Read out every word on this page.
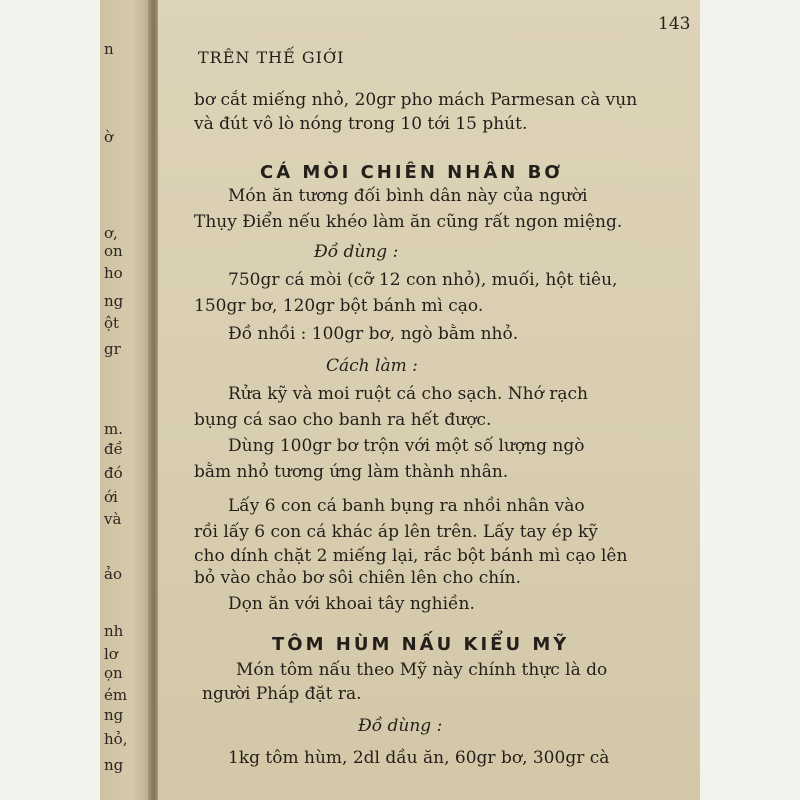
n
ờ
ơ,
on
ho
ng
ột
gr
m.
đề
đó
ới
và
ảo
nh
lơ
ọn
ém
ng
hỏ,
ng
143
TRÊN THẾ GIỚI
bơ cắt miếng nhỏ, 20gr pho mách Parmesan cà vụn
và đút vô lò nóng trong 10 tới 15 phút.
CÁ MÒI CHIÊN NHÂN BƠ
Món ăn tương đối bình dân này của người
Thụy Điển nếu khéo làm ăn cũng rất ngon miệng.
Đồ dùng :
750gr cá mòi (cỡ 12 con nhỏ), muối, hột tiêu,
150gr bơ, 120gr bột bánh mì cạo.
Đồ nhồi : 100gr bơ, ngò bằm nhỏ.
Cách làm :
Rửa kỹ và moi ruột cá cho sạch. Nhớ rạch
bụng cá sao cho banh ra hết được.
Dùng 100gr bơ trộn với một số lượng ngò
bằm nhỏ tương ứng làm thành nhân.
Lấy 6 con cá banh bụng ra nhồi nhân vào
rồi lấy 6 con cá khác áp lên trên. Lấy tay ép kỹ
cho dính chặt 2 miếng lại, rắc bột bánh mì cạo lên
bỏ vào chảo bơ sôi chiên lên cho chín.
Dọn ăn với khoai tây nghiền.
TÔM HÙM NẤU KIỂU MỸ
Món tôm nấu theo Mỹ này chính thực là do
người Pháp đặt ra.
Đồ dùng :
1kg tôm hùm, 2dl dầu ăn, 60gr bơ, 300gr cà
